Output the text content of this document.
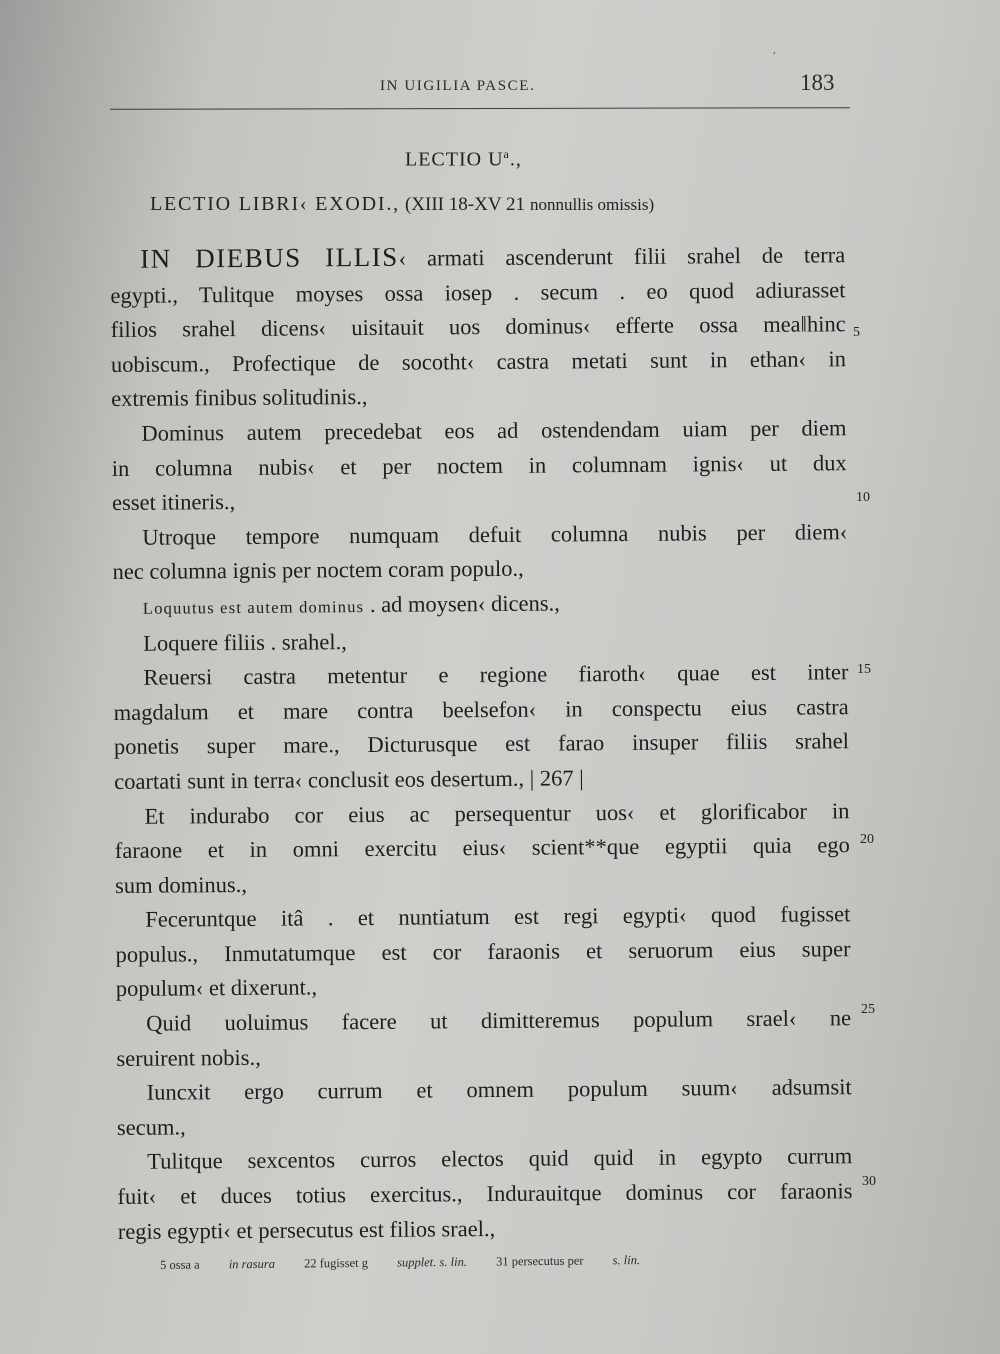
,
IN UIGILIA PASCE.	183
LECTIO $U^a$.,
LECTIO LIBRI‹ EXODI., (XIII 18-XV 21 nonnullis omissis)
IN DIEBUS ILLIS‹ armati ascenderunt filii srahel de terra
egypti., Tulitque moyses ossa iosep . secum . eo quod adiurasset
filios srahel dicens‹ uisitauit uos dominus‹ efferte ossa mea‖hinc
uobiscum., Profectique de socotht‹ castra metati sunt in ethan‹ in
extremis finibus solitudinis.,
Dominus autem precedebat eos ad ostendendam uiam per diem
in columna nubis‹ et per noctem in columnam ignis‹ ut dux
esset itineris.,
Utroque tempore numquam defuit columna nubis per diem‹
nec columna ignis per noctem coram populo.,
Loquutus est autem dominus . ad moysen‹ dicens.,
Loquere filiis . srahel.,
Reuersi castra metentur e regione fiaroth‹ quae est inter
magdalum et mare contra beelsefon‹ in conspectu eius castra
ponetis super mare., Dicturusque est farao insuper filiis srahel
coartati sunt in terra‹ conclusit eos desertum., | 267 |
Et indurabo cor eius ac persequentur uos‹ et glorificabor in
faraone et in omni exercitu eius‹ scient**que egyptii quia ego
sum dominus.,
Feceruntque itâ . et nuntiatum est regi egypti‹ quod fugisset
populus., Inmutatumque est cor faraonis et seruorum eius super
populum‹ et dixerunt.,
Quid uoluimus facere ut dimitteremus populum srael‹ ne
seruirent nobis.,
Iuncxit ergo currum et omnem populum suum‹ adsumsit
secum.,
Tulitque sexcentos curros electos quid quid in egypto currum
fuit‹ et duces totius exercitus., Indurauitque dominus cor faraonis
regis egypti‹ et persecutus est filios srael.,
5
10
15
20
25
30
5 ossa a in rasura 22 fugisset g supplet. s. lin. 31 persecutus per s. lin.
